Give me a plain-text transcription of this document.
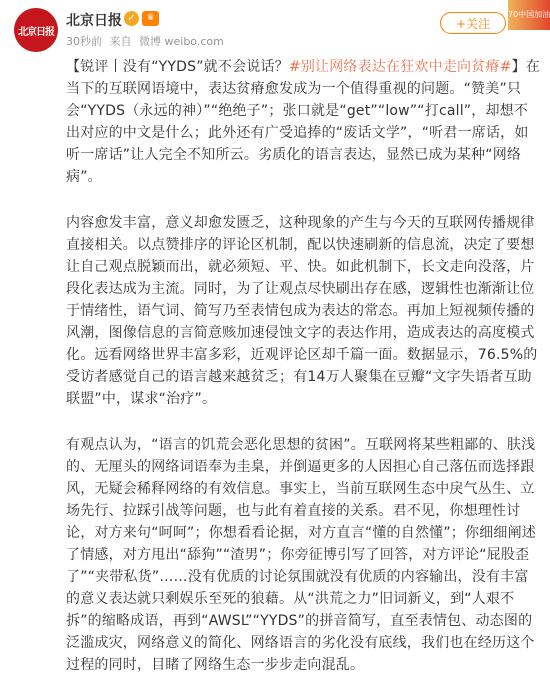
北京日报
北京日报 ✓	♛
30秒前 来自 微博 weibo.com
+关注
70中国加油

【锐评丨没有“YYDS”就不会说话？#别让网络表达在狂欢中走向贫瘠#】在当下的互联网语境中，表达贫瘠愈发成为一个值得重视的问题。“赞美”只会“YYDS（永远的神）”“绝绝子”；张口就是“get”“low”“打call”，却想不出对应的中文是什么；此外还有广受追捧的“废话文学”，“听君一席话，如听一席话”让人完全不知所云。劣质化的语言表达，显然已成为某种“网络病”。

内容愈发丰富，意义却愈发匮乏，这种现象的产生与今天的互联网传播规律直接相关。以点赞排序的评论区机制，配以快速刷新的信息流，决定了要想让自己观点脱颖而出，就必须短、平、快。如此机制下，长文走向没落，片段化表达成为主流。同时，为了让观点尽快刷出存在感，逻辑性也渐渐让位于情绪性，语气词、简写乃至表情包成为表达的常态。再加上短视频传播的风潮，图像信息的言简意赅加速侵蚀文字的表达作用，造成表达的高度模式化。远看网络世界丰富多彩，近观评论区却千篇一面。数据显示，76.5%的受访者感觉自己的语言越来越贫乏；有14万人聚集在豆瓣“文字失语者互助联盟”中，谋求“治疗”。

有观点认为，“语言的饥荒会恶化思想的贫困”。互联网将某些粗鄙的、肤浅的、无厘头的网络词语奉为圭臬，并倒逼更多的人因担心自己落伍而选择跟风，无疑会稀释网络的有效信息。事实上，当前互联网生态中戾气丛生、立场先行、拉踩引战等问题，也与此有着直接的关系。君不见，你想理性讨论，对方来句“呵呵”；你想看看论据，对方直言“懂的自然懂”；你细细阐述了情感，对方甩出“舔狗”“渣男”；你旁征博引写了回答，对方评论“屁股歪了”“夹带私货”……没有优质的讨论氛围就没有优质的内容输出，没有丰富的意义表达就只剩娱乐至死的狼藉。从“洪荒之力”旧词新义，到“人艰不拆”的缩略成语，再到“AWSL”“YYDS”的拼音简写，直至表情包、动态图的泛滥成灾，网络意义的简化、网络语言的劣化没有底线，我们也在经历这个过程的同时，目睹了网络生态一步步走向混乱。
